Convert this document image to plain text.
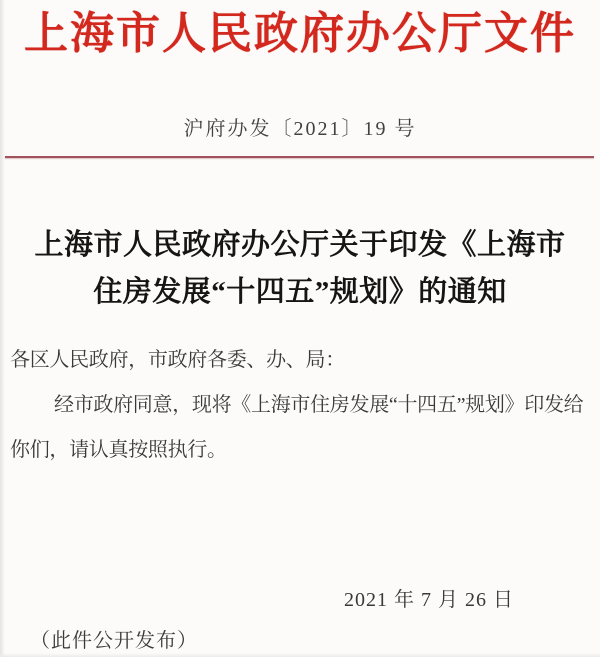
上海市人民政府办公厅文件
沪府办发〔2021〕19 号
上海市人民政府办公厅关于印发《上海市
住房发展“十四五”规划》的通知
各区人民政府，市政府各委、办、局：
经市政府同意，现将《上海市住房发展“十四五”规划》印发给
你们，请认真按照执行。
2021 年 7 月 26 日
（此件公开发布）
